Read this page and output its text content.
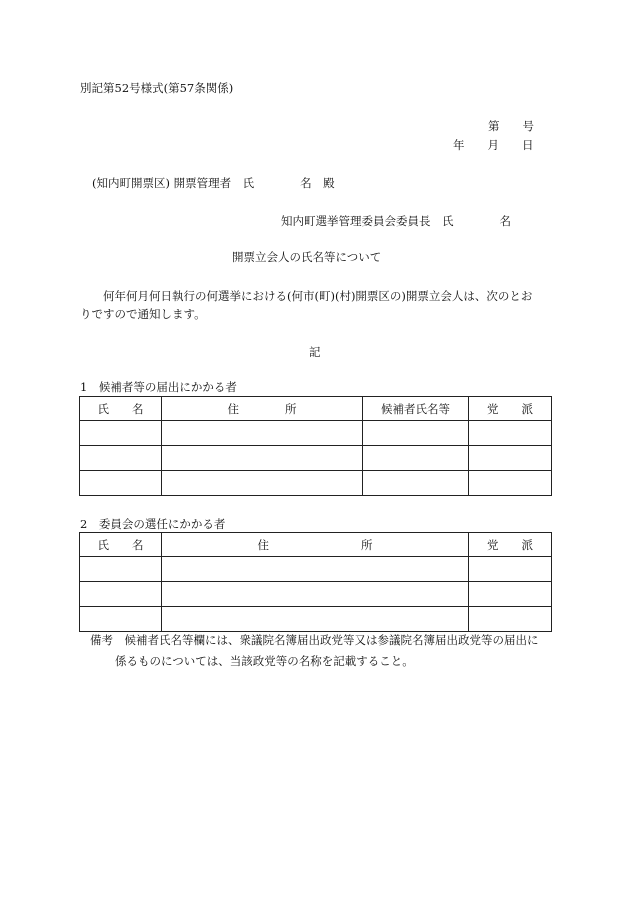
別記第52号様式(第57条関係)
第　　号
年　　月　　日
(知内町開票区) 開票管理者　氏　　　　名　殿
知内町選挙管理委員会委員長　氏　　　　名
開票立会人の氏名等について
何年何月何日執行の何選挙における(何市(町)(村)開票区の)開票立会人は、次のとお
りですので通知します。
記
1　候補者等の届出にかかる者
氏　　名	住　　　　所	候補者氏名等	党　　派

2　委員会の選任にかかる者
氏　　名	住　　　　　　　　所	党　　派

備考　候補者氏名等欄には、衆議院名簿届出政党等又は参議院名簿届出政党等の届出に
係るものについては、当該政党等の名称を記載すること。
